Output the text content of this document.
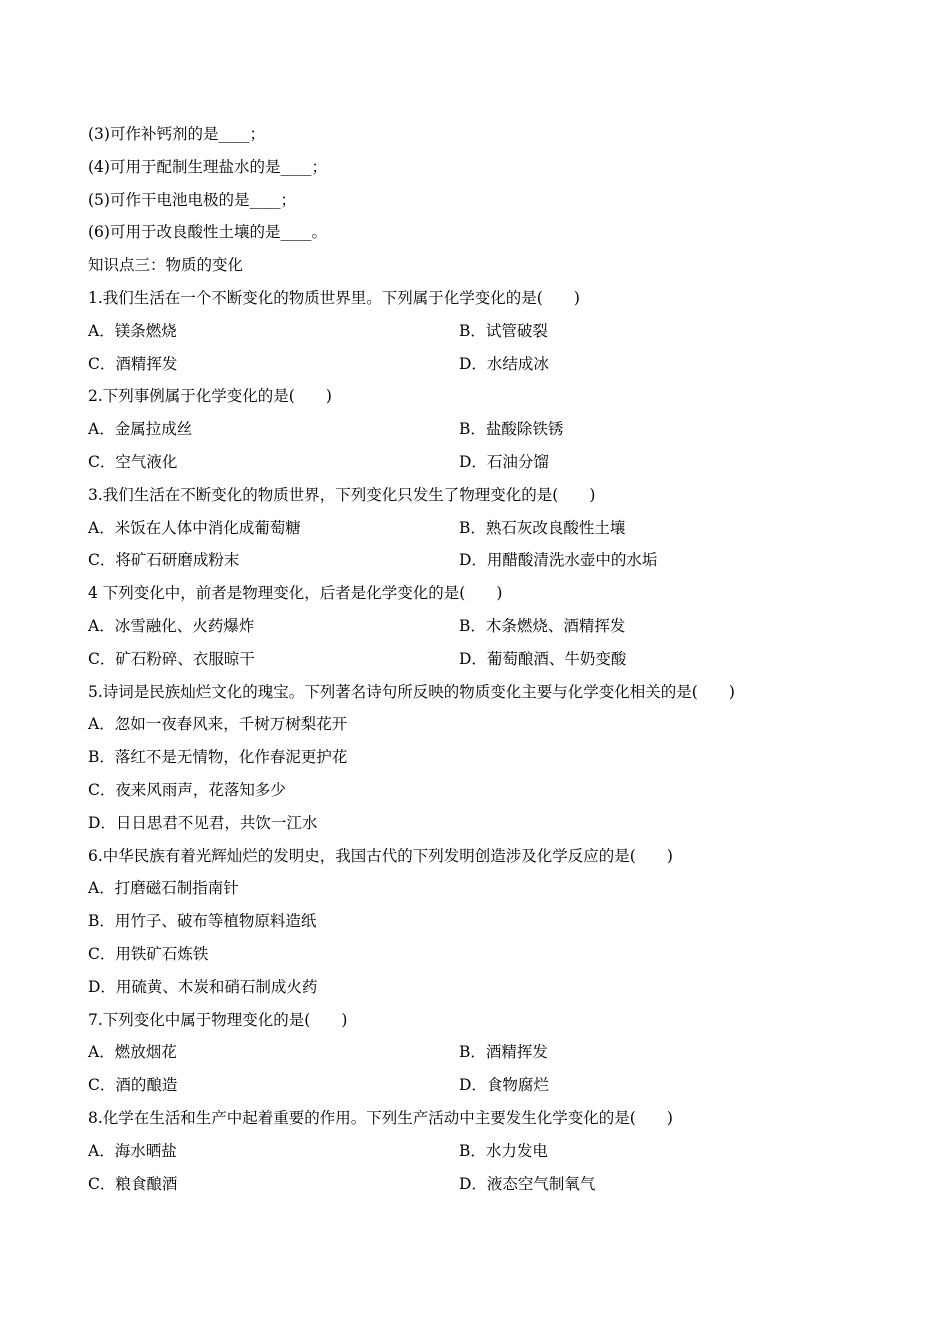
(3)可作补钙剂的是____；
(4)可用于配制生理盐水的是____；
(5)可作干电池电极的是____；
(6)可用于改良酸性土壤的是____。
知识点三：物质的变化
1.我们生活在一个不断变化的物质世界里。下列属于化学变化的是(　　)
A．镁条燃烧	B．试管破裂
C．酒精挥发	D．水结成冰
2.下列事例属于化学变化的是(　　)
A．金属拉成丝	B．盐酸除铁锈
C．空气液化	D．石油分馏
3.我们生活在不断变化的物质世界，下列变化只发生了物理变化的是(　　)
A．米饭在人体中消化成葡萄糖	B．熟石灰改良酸性土壤
C．将矿石研磨成粉末	D．用醋酸清洗水壶中的水垢
4 下列变化中，前者是物理变化，后者是化学变化的是(　　)
A．冰雪融化、火药爆炸	B．木条燃烧、酒精挥发
C．矿石粉碎、衣服晾干	D．葡萄酿酒、牛奶变酸
5.诗词是民族灿烂文化的瑰宝。下列著名诗句所反映的物质变化主要与化学变化相关的是(　　)
A．忽如一夜春风来，千树万树梨花开
B．落红不是无情物，化作春泥更护花
C．夜来风雨声，花落知多少
D．日日思君不见君，共饮一江水
6.中华民族有着光辉灿烂的发明史，我国古代的下列发明创造涉及化学反应的是(　　)
A．打磨磁石制指南针
B．用竹子、破布等植物原料造纸
C．用铁矿石炼铁
D．用硫黄、木炭和硝石制成火药
7.下列变化中属于物理变化的是(　　)
A．燃放烟花	B．酒精挥发
C．酒的酿造	D．食物腐烂
8.化学在生活和生产中起着重要的作用。下列生产活动中主要发生化学变化的是(　　)
A．海水晒盐	B．水力发电
C．粮食酿酒	D．液态空气制氧气
